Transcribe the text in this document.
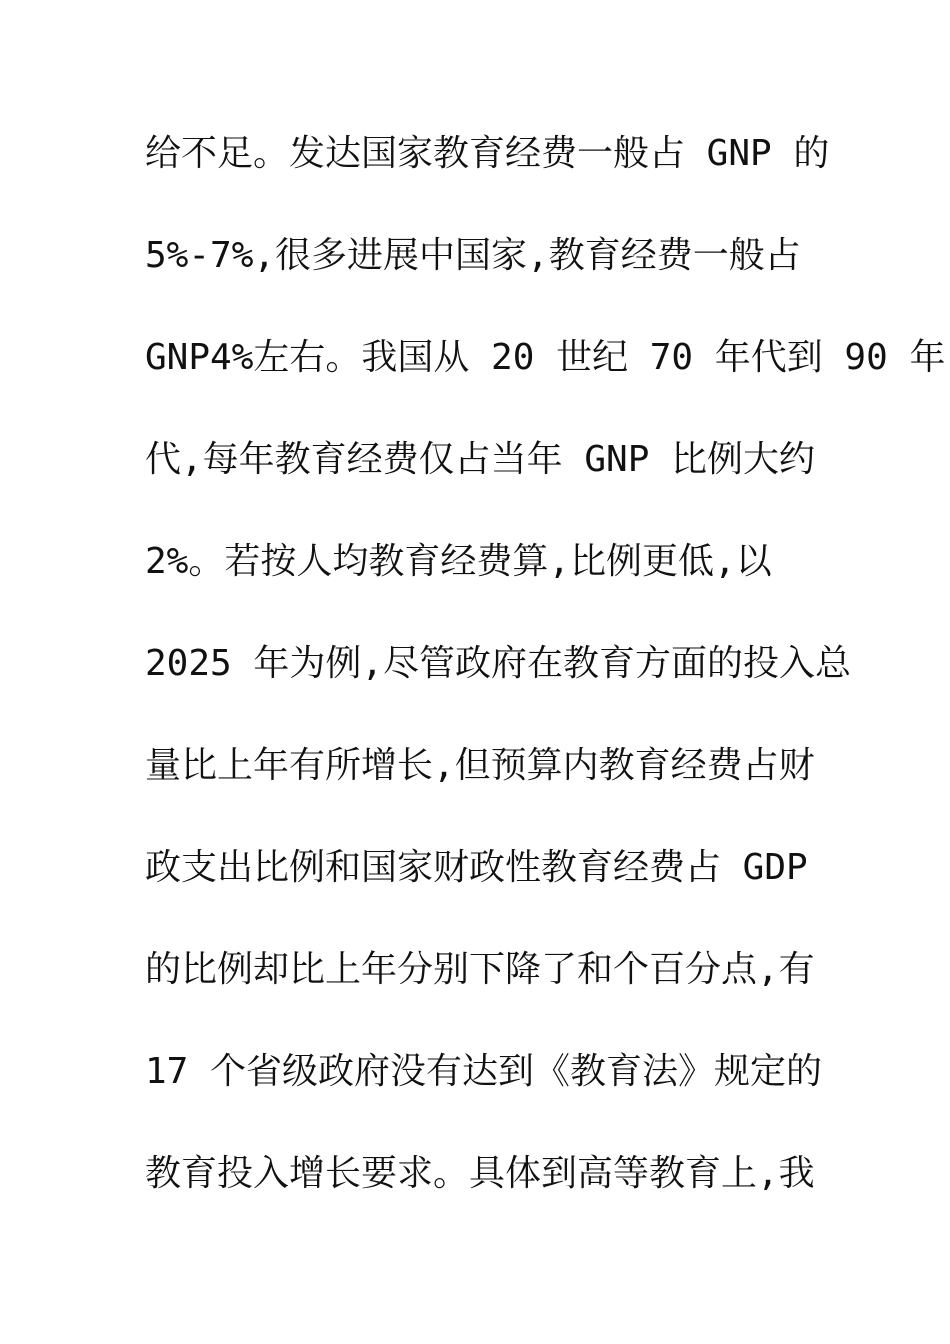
给不足。发达国家教育经费一般占 GNP 的
5%-7%,很多进展中国家,教育经费一般占
GNP4%左右。我国从 20 世纪 70 年代到 90 年
代,每年教育经费仅占当年 GNP 比例大约
2%。若按人均教育经费算,比例更低,以
2025 年为例,尽管政府在教育方面的投入总
量比上年有所增长,但预算内教育经费占财
政支出比例和国家财政性教育经费占 GDP
的比例却比上年分别下降了和个百分点,有
17 个省级政府没有达到《教育法》规定的
教育投入增长要求。具体到高等教育上,我
